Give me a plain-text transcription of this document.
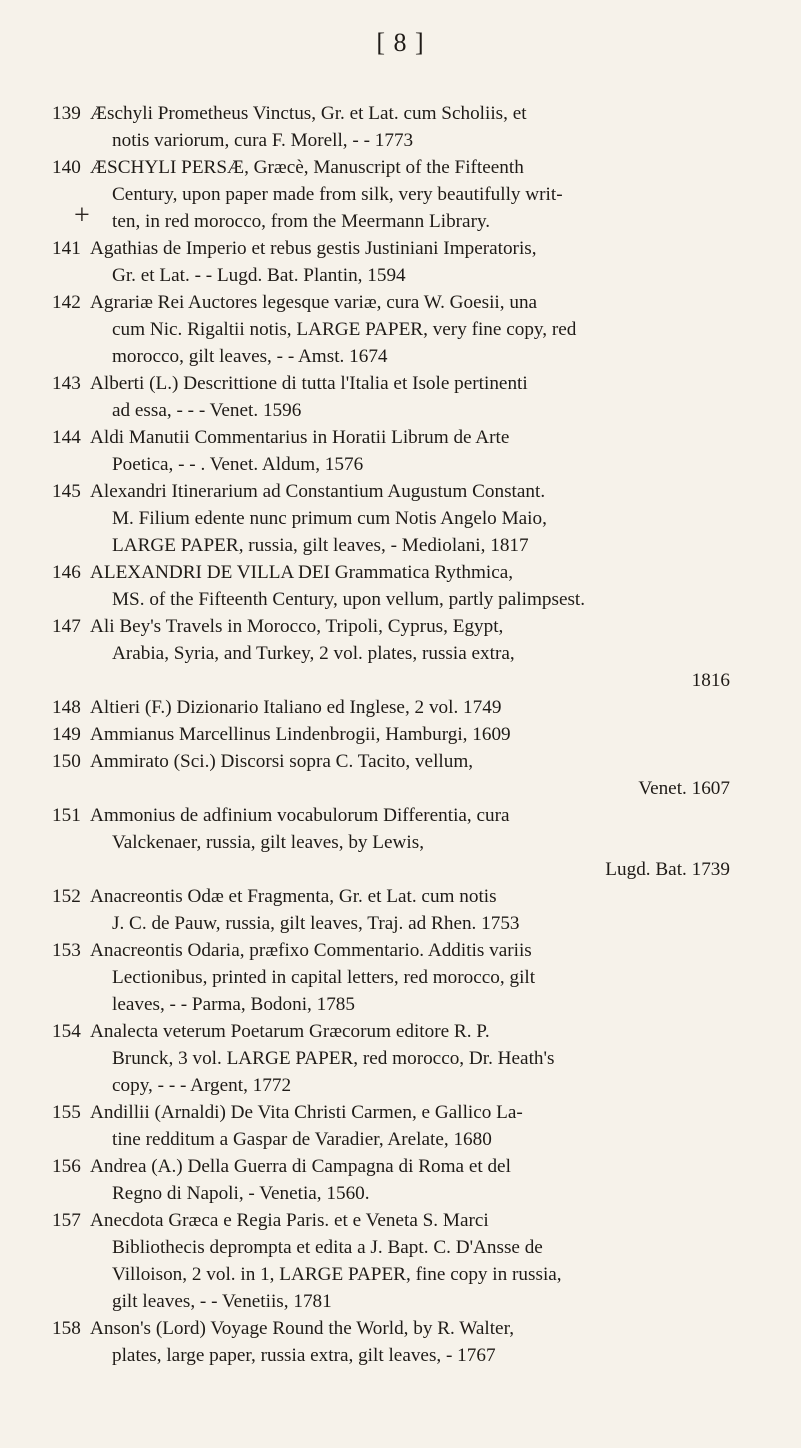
[ 8 ]
+
139 Æschyli Prometheus Vinctus, Gr. et Lat. cum Scholiis, et
notis variorum, cura F. Morell, - - 1773
140 ÆSCHYLI PERSÆ, Græcè, Manuscript of the Fifteenth
Century, upon paper made from silk, very beautifully writ-
ten, in red morocco, from the Meermann Library.
141 Agathias de Imperio et rebus gestis Justiniani Imperatoris,
Gr. et Lat. - - Lugd. Bat. Plantin, 1594
142 Agrariæ Rei Auctores legesque variæ, cura W. Goesii, una
cum Nic. Rigaltii notis, LARGE PAPER, very fine copy, red
morocco, gilt leaves, - - Amst. 1674
143 Alberti (L.) Descrittione di tutta l'Italia et Isole pertinenti
ad essa, - - - Venet. 1596
144 Aldi Manutii Commentarius in Horatii Librum de Arte
Poetica, - - . Venet. Aldum, 1576
145 Alexandri Itinerarium ad Constantium Augustum Constant.
M. Filium edente nunc primum cum Notis Angelo Maio,
LARGE PAPER, russia, gilt leaves, - Mediolani, 1817
146 ALEXANDRI DE VILLA DEI Grammatica Rythmica,
MS. of the Fifteenth Century, upon vellum, partly palimpsest.
147 Ali Bey's Travels in Morocco, Tripoli, Cyprus, Egypt,
Arabia, Syria, and Turkey, 2 vol. plates, russia extra,
1816
148 Altieri (F.) Dizionario Italiano ed Inglese, 2 vol. 1749
149 Ammianus Marcellinus Lindenbrogii, Hamburgi, 1609
150 Ammirato (Sci.) Discorsi sopra C. Tacito, vellum,
Venet. 1607
151 Ammonius de adfinium vocabulorum Differentia, cura
Valckenaer, russia, gilt leaves, by Lewis,
Lugd. Bat. 1739
152 Anacreontis Odæ et Fragmenta, Gr. et Lat. cum notis
J. C. de Pauw, russia, gilt leaves, Traj. ad Rhen. 1753
153 Anacreontis Odaria, præfixo Commentario. Additis variis
Lectionibus, printed in capital letters, red morocco, gilt
leaves, - - Parma, Bodoni, 1785
154 Analecta veterum Poetarum Græcorum editore R. P.
Brunck, 3 vol. LARGE PAPER, red morocco, Dr. Heath's
copy, - - - Argent, 1772
155 Andillii (Arnaldi) De Vita Christi Carmen, e Gallico La-
tine redditum a Gaspar de Varadier, Arelate, 1680
156 Andrea (A.) Della Guerra di Campagna di Roma et del
Regno di Napoli, - Venetia, 1560.
157 Anecdota Græca e Regia Paris. et e Veneta S. Marci
Bibliothecis deprompta et edita a J. Bapt. C. D'Ansse de
Villoison, 2 vol. in 1, LARGE PAPER, fine copy in russia,
gilt leaves, - - Venetiis, 1781
158 Anson's (Lord) Voyage Round the World, by R. Walter,
plates, large paper, russia extra, gilt leaves, - 1767
